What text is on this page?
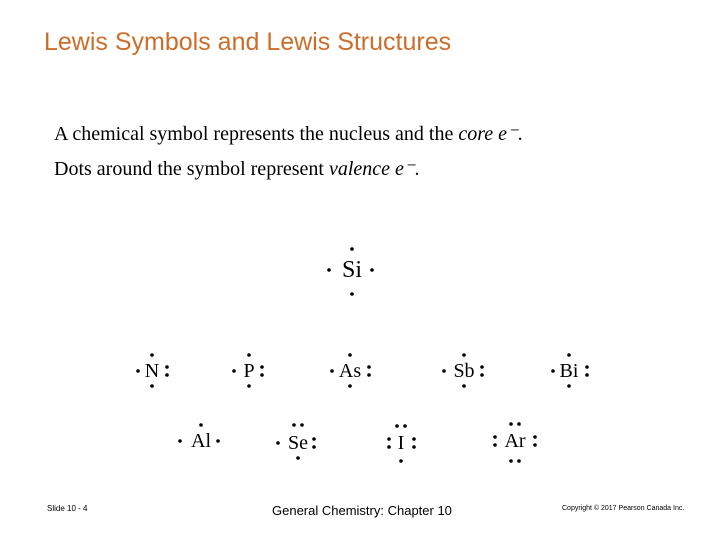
Lewis Symbols and Lewis Structures
A chemical symbol represents the nucleus and the core e⁻.
Dots around the symbol represent valence e⁻.
Si
N	P	As	Sb	Bi
Al	Se	I	Ar
Slide 10 - 4	General Chemistry: Chapter 10	Copyright © 2017 Pearson Canada Inc.
